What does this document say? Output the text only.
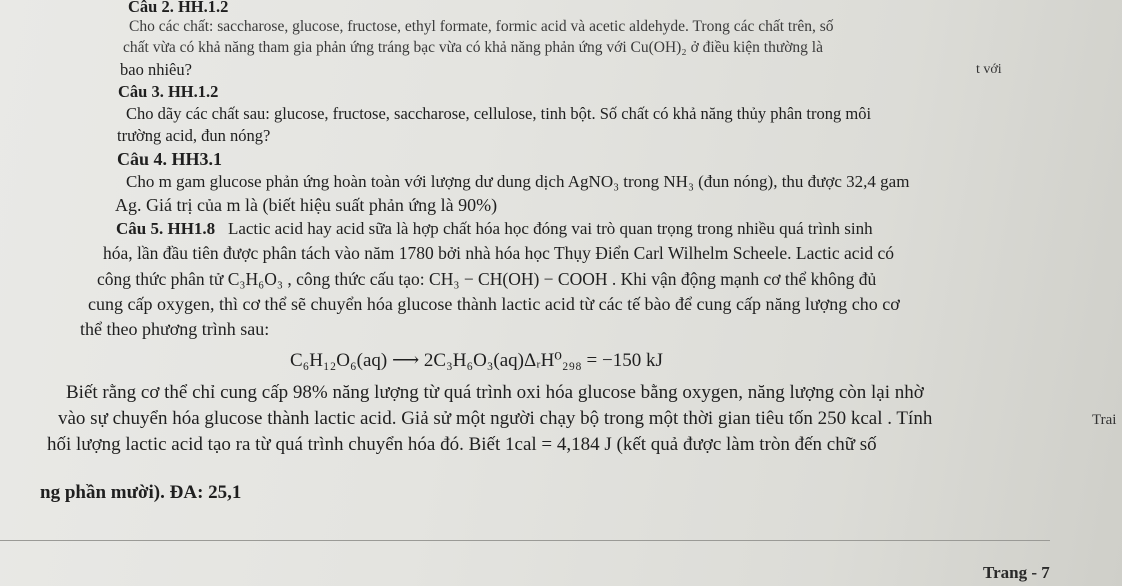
Câu 2. HH.1.2
Cho các chất: saccharose, glucose, fructose, ethyl formate, formic acid và acetic aldehyde. Trong các chất trên, số
chất vừa có khả năng tham gia phản ứng tráng bạc vừa có khả năng phản ứng với Cu(OH)₂ ở điều kiện thường là
bao nhiêu?	t với
Câu 3. HH.1.2
Cho dãy các chất sau: glucose, fructose, saccharose, cellulose, tinh bột. Số chất có khả năng thủy phân trong môi
trường acid, đun nóng?
Câu 4. HH3.1
Cho m gam glucose phản ứng hoàn toàn với lượng dư dung dịch AgNO₃ trong NH₃ (đun nóng), thu được 32,4 gam
Ag. Giá trị của m là (biết hiệu suất phản ứng là 90%)
Câu 5. HH1.8 Lactic acid hay acid sữa là hợp chất hóa học đóng vai trò quan trọng trong nhiều quá trình sinh
hóa, lần đầu tiên được phân tách vào năm 1780 bởi nhà hóa học Thụy Điển Carl Wilhelm Scheele. Lactic acid có
công thức phân tử C₃H₆O₃ , công thức cấu tạo: CH₃ − CH(OH) − COOH . Khi vận động mạnh cơ thể không đủ
cung cấp oxygen, thì cơ thể sẽ chuyển hóa glucose thành lactic acid từ các tế bào để cung cấp năng lượng cho cơ
thể theo phương trình sau:
C₆H₁₂O₆(aq) ⟶ 2C₃H₆O₃(aq)ΔᵣH⁰₂₉₈ = −150 kJ
Biết rằng cơ thể chỉ cung cấp 98% năng lượng từ quá trình oxi hóa glucose bằng oxygen, năng lượng còn lại nhờ
vào sự chuyển hóa glucose thành lactic acid. Giả sử một người chạy bộ trong một thời gian tiêu tốn 250 kcal . Tính	Trai
hối lượng lactic acid tạo ra từ quá trình chuyển hóa đó. Biết 1cal = 4,184 J (kết quả được làm tròn đến chữ số
ng phần mười). ĐA: 25,1
Trang - 7
